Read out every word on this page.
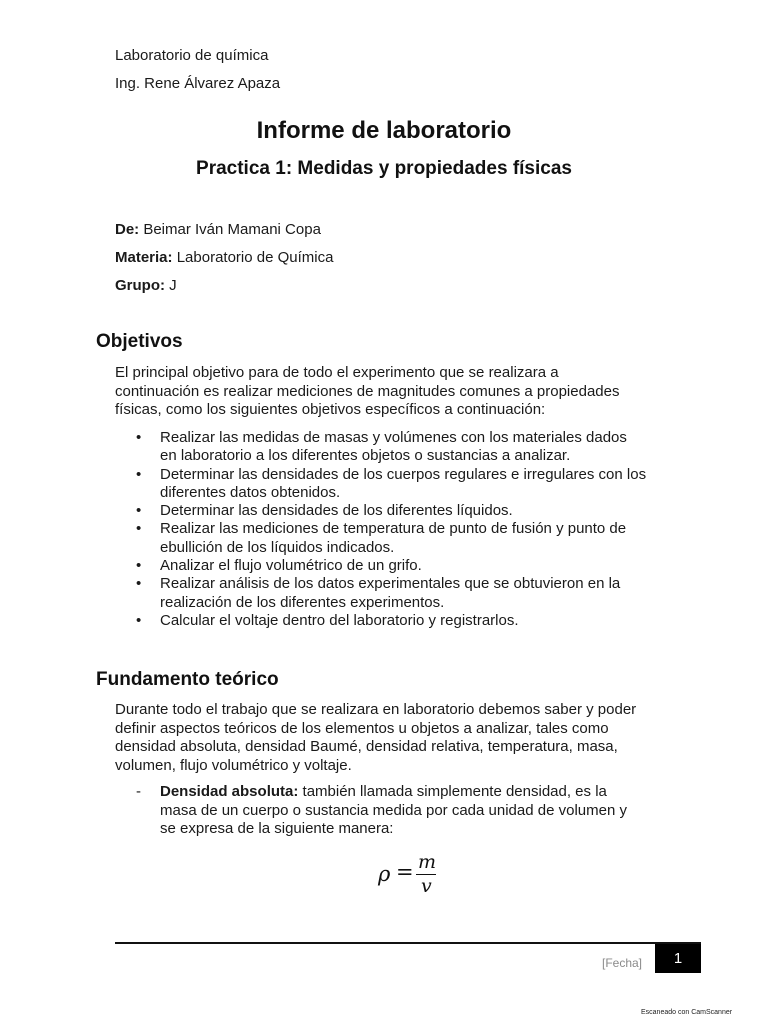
Laboratorio de química
Ing. Rene Álvarez Apaza
Informe de laboratorio
Practica 1: Medidas y propiedades físicas
De: Beimar Iván Mamani Copa
Materia: Laboratorio de Química
Grupo: J
Objetivos
El principal objetivo para de todo el experimento que se realizara a
continuación es realizar mediciones de magnitudes comunes a propiedades
físicas, como los siguientes objetivos específicos a continuación:
• Realizar las medidas de masas y volúmenes con los materiales dados
en laboratorio a los diferentes objetos o sustancias a analizar.
• Determinar las densidades de los cuerpos regulares e irregulares con los
diferentes datos obtenidos.
• Determinar las densidades de los diferentes líquidos.
• Realizar las mediciones de temperatura de punto de fusión y punto de
ebullición de los líquidos indicados.
• Analizar el flujo volumétrico de un grifo.
• Realizar análisis de los datos experimentales que se obtuvieron en la
realización de los diferentes experimentos.
• Calcular el voltaje dentro del laboratorio y registrarlos.
Fundamento teórico
Durante todo el trabajo que se realizara en laboratorio debemos saber y poder
definir aspectos teóricos de los elementos u objetos a analizar, tales como
densidad absoluta, densidad Baumé, densidad relativa, temperatura, masa,
volumen, flujo volumétrico y voltaje.
- Densidad absoluta: también llamada simplemente densidad, es la
masa de un cuerpo o sustancia medida por cada unidad de volumen y
se expresa de la siguiente manera:
ρ = m
v
[Fecha]	1
Escaneado con CamScanner
